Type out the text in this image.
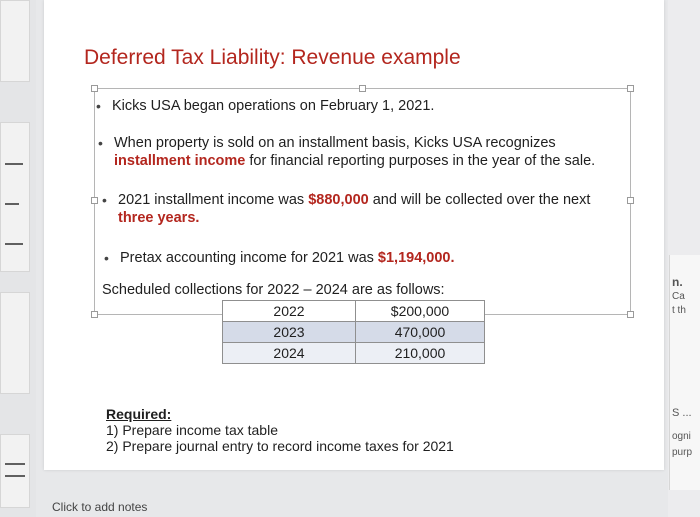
Deferred Tax Liability: Revenue example
• Kicks USA began operations on February 1, 2021.
• When property is sold on an installment basis, Kicks USA recognizes
installment income for financial reporting purposes in the year of the sale.
• 2021 installment income was $880,000 and will be collected over the next
three years.
• Pretax accounting income for 2021 was $1,194,000.
Scheduled collections for 2022 – 2024 are as follows:
2022	$200,000
2023	470,000
2024	210,000
Required:
1) Prepare income tax table
2) Prepare journal entry to record income taxes for 2021
Click to add notes
n.
Ca
t th
S ...
ogni
purp
